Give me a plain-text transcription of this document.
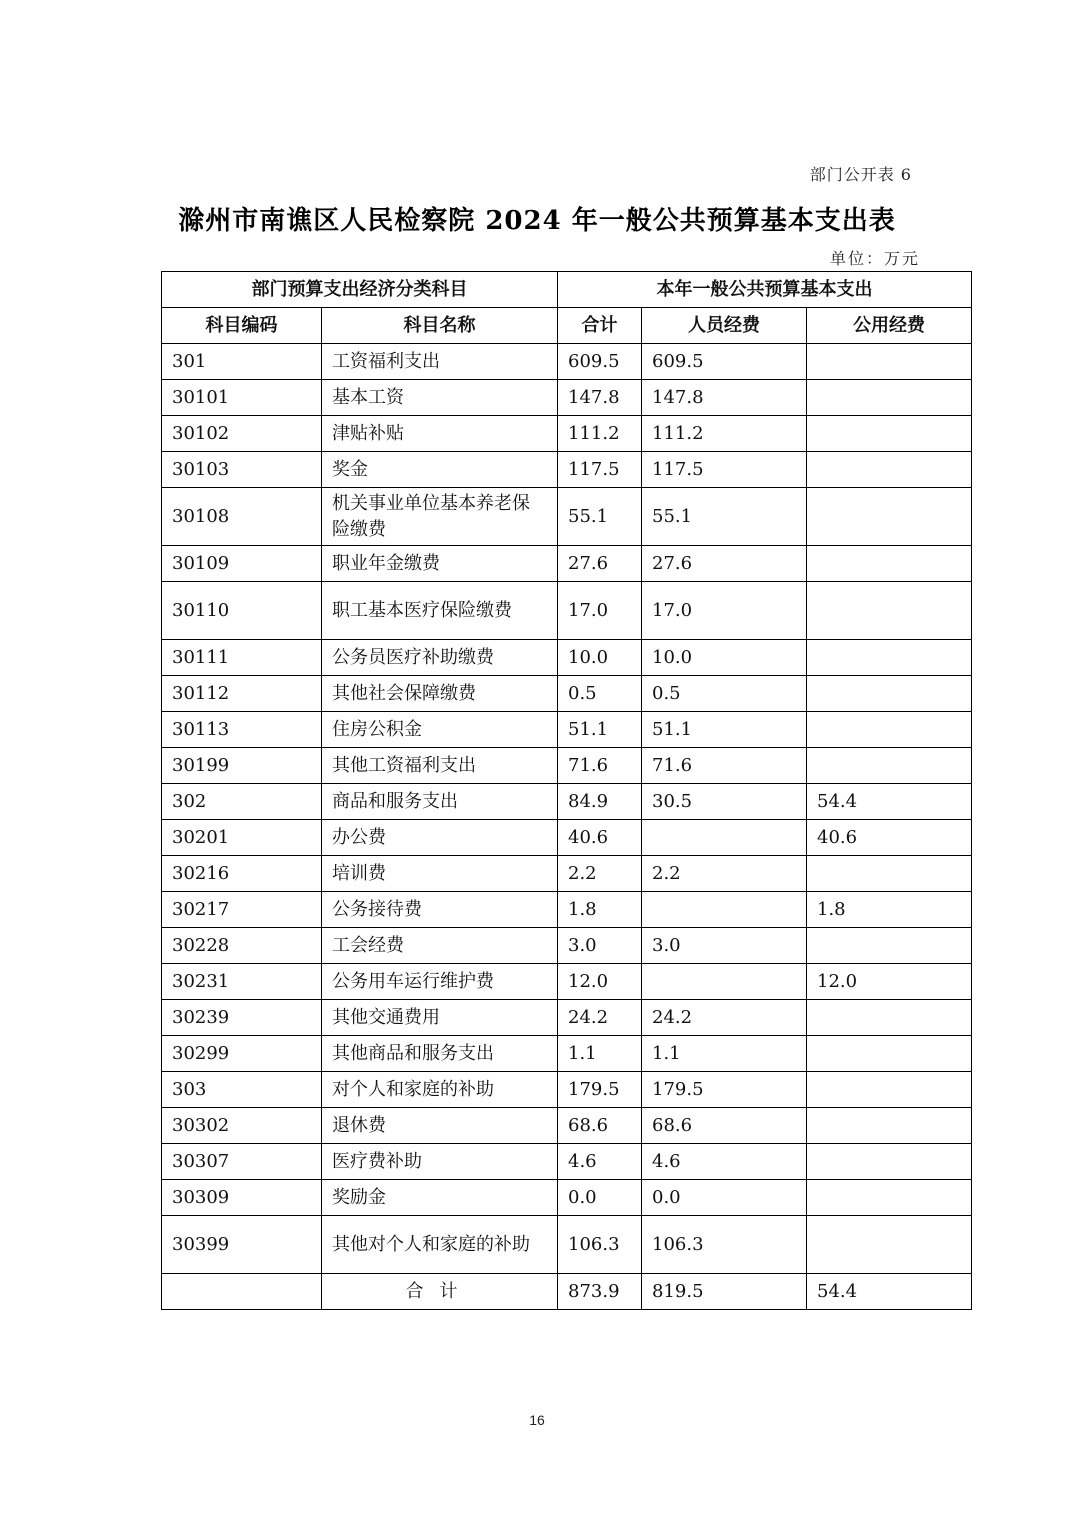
部门公开表 6
滁州市南谯区人民检察院 2024 年一般公共预算基本支出表
单位：万元
部门预算支出经济分类科目		本年一般公共预算基本支出		
科目编码	科目名称	合计	人员经费	公用经费
301	工资福利支出	609.5	609.5	
30101	基本工资	147.8	147.8	
30102	津贴补贴	111.2	111.2	
30103	奖金	117.5	117.5	
30108	机关事业单位基本养老保险缴费	55.1	55.1	
30109	职业年金缴费	27.6	27.6	
30110	职工基本医疗保险缴费	17.0	17.0	
30111	公务员医疗补助缴费	10.0	10.0	
30112	其他社会保障缴费	0.5	0.5	
30113	住房公积金	51.1	51.1	
30199	其他工资福利支出	71.6	71.6	
302	商品和服务支出	84.9	30.5	54.4
30201	办公费	40.6		40.6
30216	培训费	2.2	2.2	
30217	公务接待费	1.8		1.8
30228	工会经费	3.0	3.0	
30231	公务用车运行维护费	12.0		12.0
30239	其他交通费用	24.2	24.2	
30299	其他商品和服务支出	1.1	1.1	
303	对个人和家庭的补助	179.5	179.5	
30302	退休费	68.6	68.6	
30307	医疗费补助	4.6	4.6	
30309	奖励金	0.0	0.0	
30399	其他对个人和家庭的补助	106.3	106.3	
	合计	873.9	819.5	54.4
16
